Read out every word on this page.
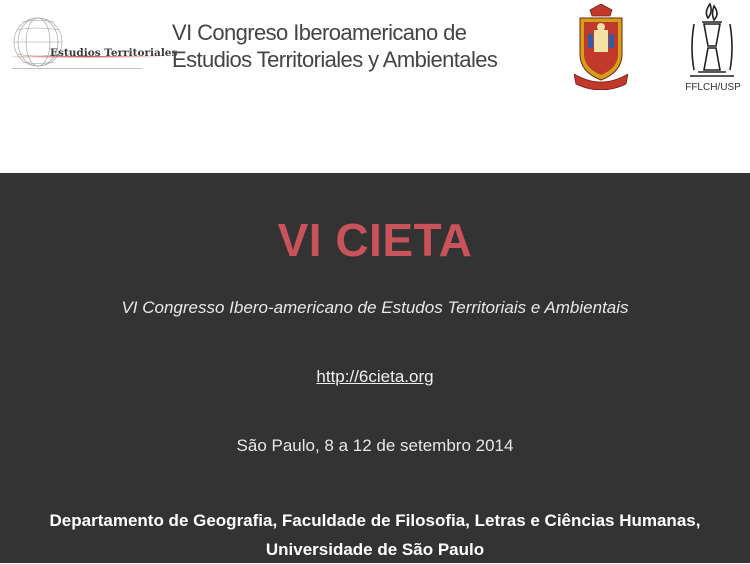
Estudios Territoriales
VI Congreso Iberoamericano de
Estudios Territoriales y Ambientales
FFLCH/USP
VI CIETA
VI Congresso Ibero-americano de Estudos Territoriais e Ambientais
http://6cieta.org
São Paulo, 8 a 12 de setembro 2014
Departamento de Geografia, Faculdade de Filosofia, Letras e Ciências Humanas,
Universidade de São Paulo
